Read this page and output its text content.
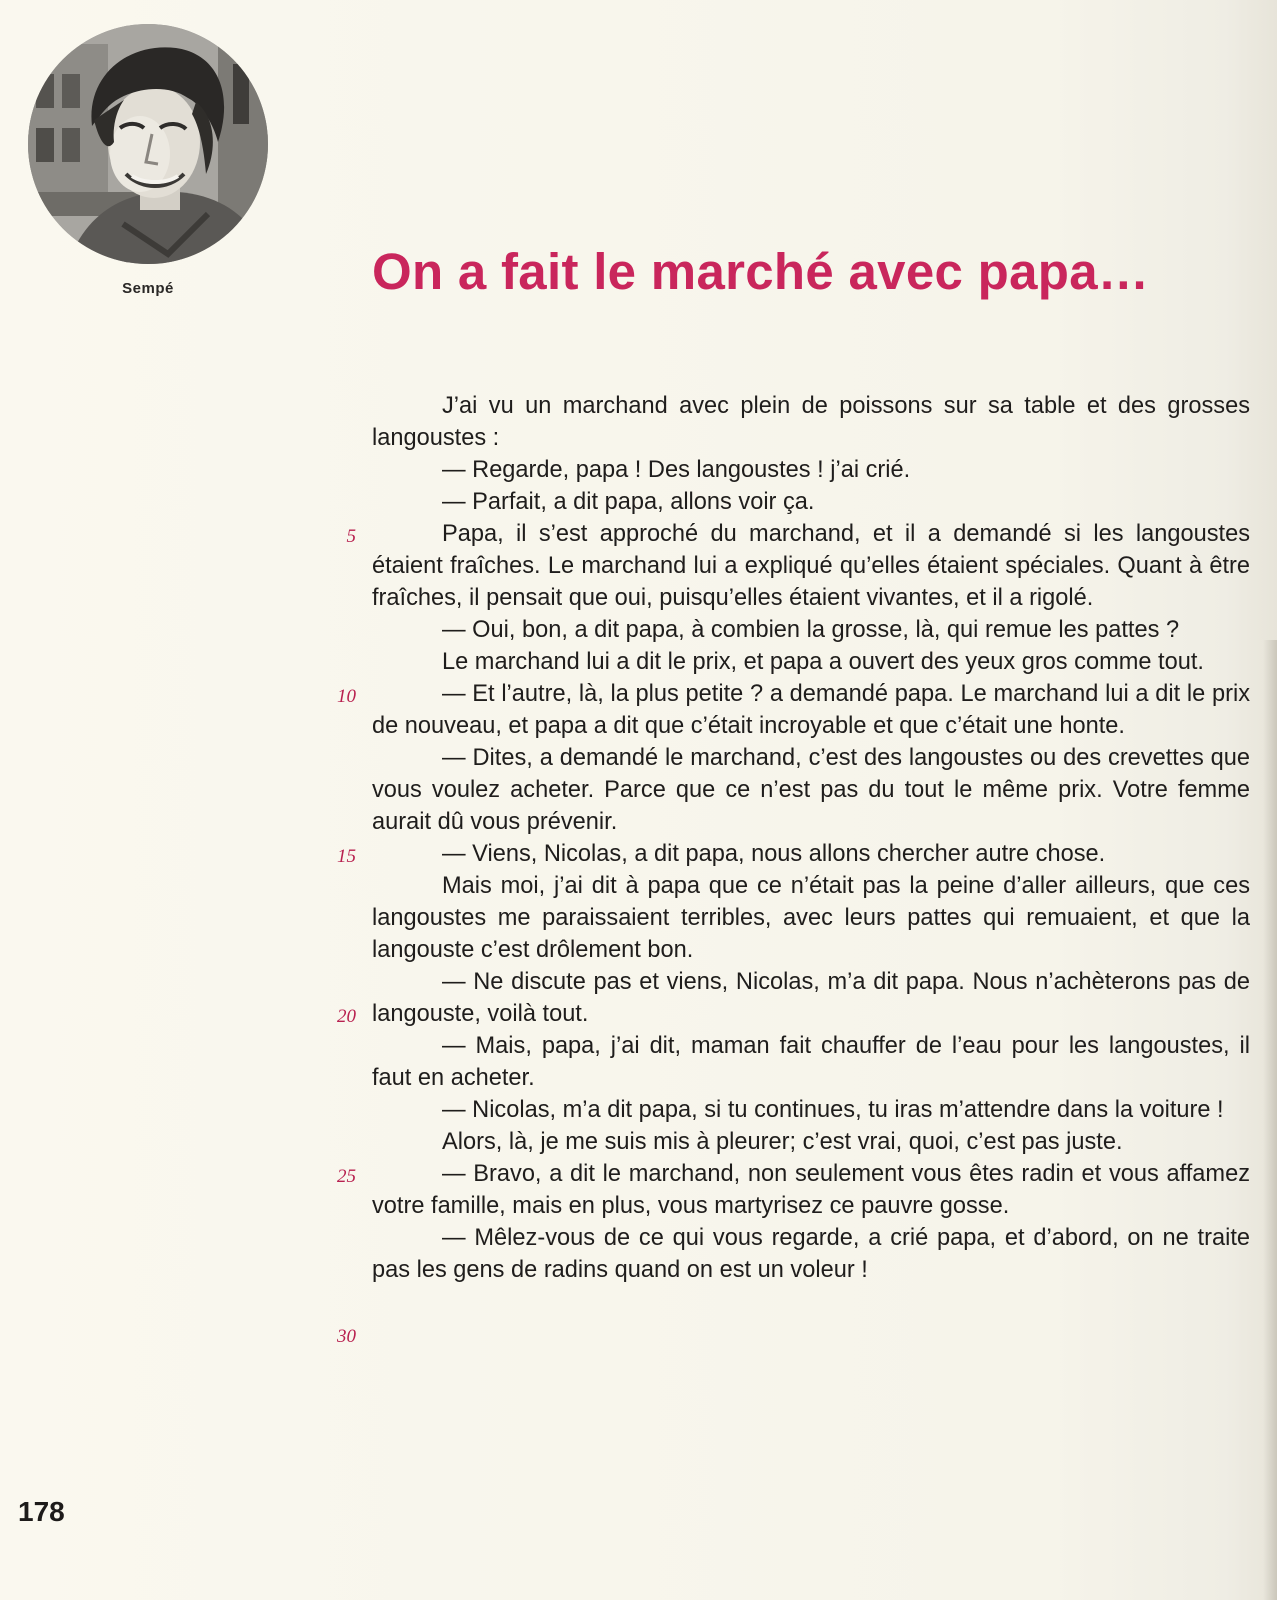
Sempé	On a fait le marché avec papa…
5
10
15
20
25
30

J’ai vu un marchand avec plein de poissons sur sa table et des grosses langoustes :

— Regarde, papa ! Des langoustes ! j’ai crié.

— Parfait, a dit papa, allons voir ça.

Papa, il s’est approché du marchand, et il a demandé si les langoustes étaient fraîches. Le marchand lui a expliqué qu’elles étaient spéciales. Quant à être fraîches, il pensait que oui, puisqu’elles étaient vivantes, et il a rigolé.

— Oui, bon, a dit papa, à combien la grosse, là, qui remue les pattes ?

Le marchand lui a dit le prix, et papa a ouvert des yeux gros comme tout.

— Et l’autre, là, la plus petite ? a demandé papa. Le marchand lui a dit le prix de nouveau, et papa a dit que c’était incroyable et que c’était une honte.

— Dites, a demandé le marchand, c’est des langoustes ou des crevettes que vous voulez acheter. Parce que ce n’est pas du tout le même prix. Votre femme aurait dû vous prévenir.

— Viens, Nicolas, a dit papa, nous allons chercher autre chose.

Mais moi, j’ai dit à papa que ce n’était pas la peine d’aller ailleurs, que ces langoustes me paraissaient terribles, avec leurs pattes qui remuaient, et que la langouste c’est drôlement bon.

— Ne discute pas et viens, Nicolas, m’a dit papa. Nous n’achèterons pas de langouste, voilà tout.

— Mais, papa, j’ai dit, maman fait chauffer de l’eau pour les langoustes, il faut en acheter.

— Nicolas, m’a dit papa, si tu continues, tu iras m’attendre dans la voiture !

Alors, là, je me suis mis à pleurer; c’est vrai, quoi, c’est pas juste.

— Bravo, a dit le marchand, non seulement vous êtes radin et vous affamez votre famille, mais en plus, vous martyrisez ce pauvre gosse.

— Mêlez-vous de ce qui vous regarde, a crié papa, et d’abord, on ne traite pas les gens de radins quand on est un voleur !

178
